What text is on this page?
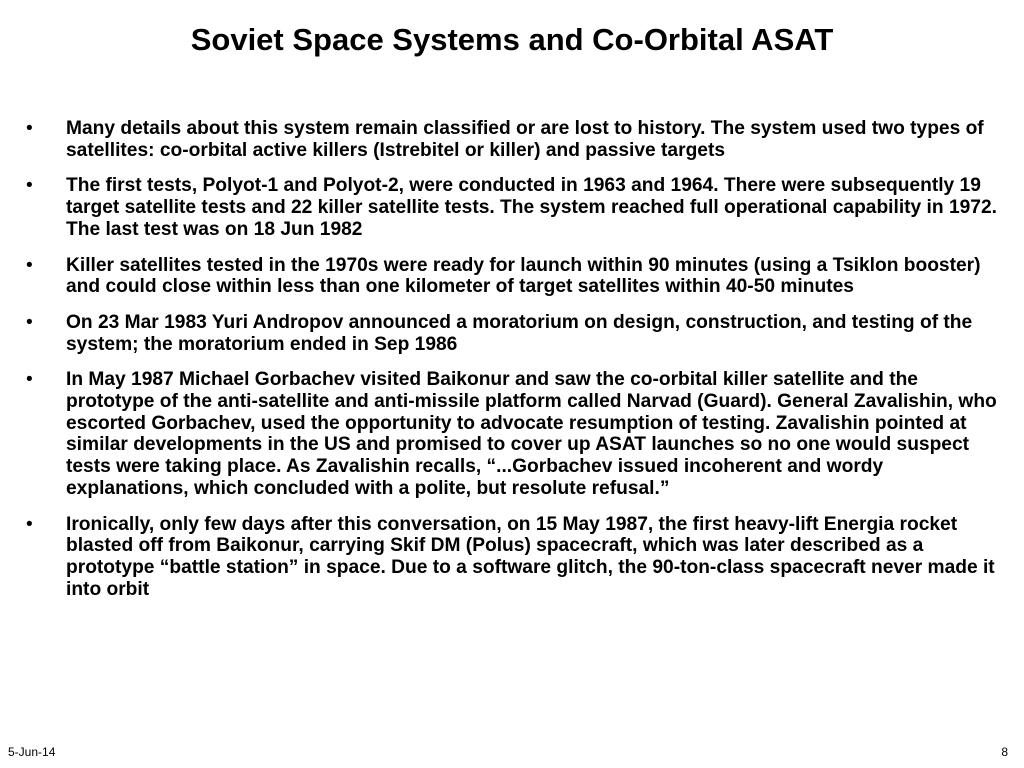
Soviet Space Systems and Co-Orbital ASAT
•	Many details about this system remain classified or are lost to history. The system used two types of satellites: co-orbital active killers (Istrebitel or killer) and passive targets
•	The first tests, Polyot-1 and Polyot-2, were conducted in 1963 and 1964. There were subsequently 19 target satellite tests and 22 killer satellite tests. The system reached full operational capability in 1972. The last test was on 18 Jun 1982
•	Killer satellites tested in the 1970s were ready for launch within 90 minutes (using a Tsiklon booster) and could close within less than one kilometer of target satellites within 40-50 minutes
•	On 23 Mar 1983 Yuri Andropov announced a moratorium on design, construction, and testing of the system; the moratorium ended in Sep 1986
•	In May 1987 Michael Gorbachev visited Baikonur and saw the co-orbital killer satellite and the prototype of the anti-satellite and anti-missile platform called Narvad (Guard). General Zavalishin, who escorted Gorbachev, used the opportunity to advocate resumption of testing. Zavalishin pointed at similar developments in the US and promised to cover up ASAT launches so no one would suspect tests were taking place. As Zavalishin recalls, “...Gorbachev issued incoherent and wordy explanations, which concluded with a polite, but resolute refusal.”
•	Ironically, only few days after this conversation, on 15 May 1987, the first heavy-lift Energia rocket blasted off from Baikonur, carrying Skif DM (Polus) spacecraft, which was later described as a prototype “battle station” in space. Due to a software glitch, the 90-ton-class spacecraft never made it into orbit
5-Jun-14	8
